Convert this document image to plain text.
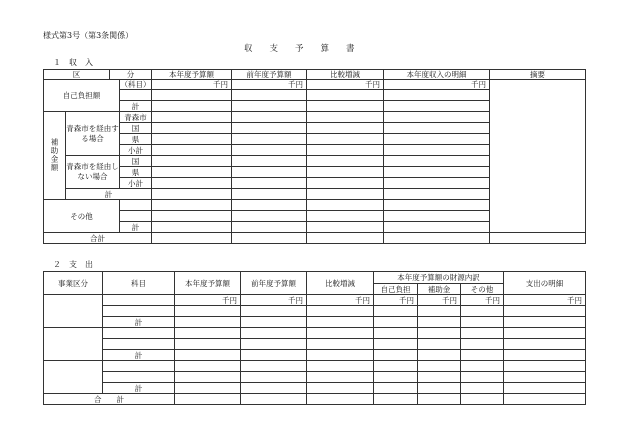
様式第3号（第3条関係）
収　　支　　予　　算　　書
１　収　入
区		分		本年度予算額	前年度予算額	比較増減	本年度収入の明細	摘要
自己負担額			（科目）	千円	千円	千円	千円	

			計					
補助金額	青森市を経由する場合		青森市					
			国					
			県					
			小計					
	青森市を経由しない場合		国					
			県					
			小計					
	計							
その他								

			計					
合計								
２　支　出
事業区分	科目	本年度予算額	前年度予算額	比較増減	本年度予算額の財源内訳			支出の明細
					自己負担	補助金	その他	
		千円	千円	千円	千円	千円	千円	千円

	計							

	計							

	計							
合　　計								
